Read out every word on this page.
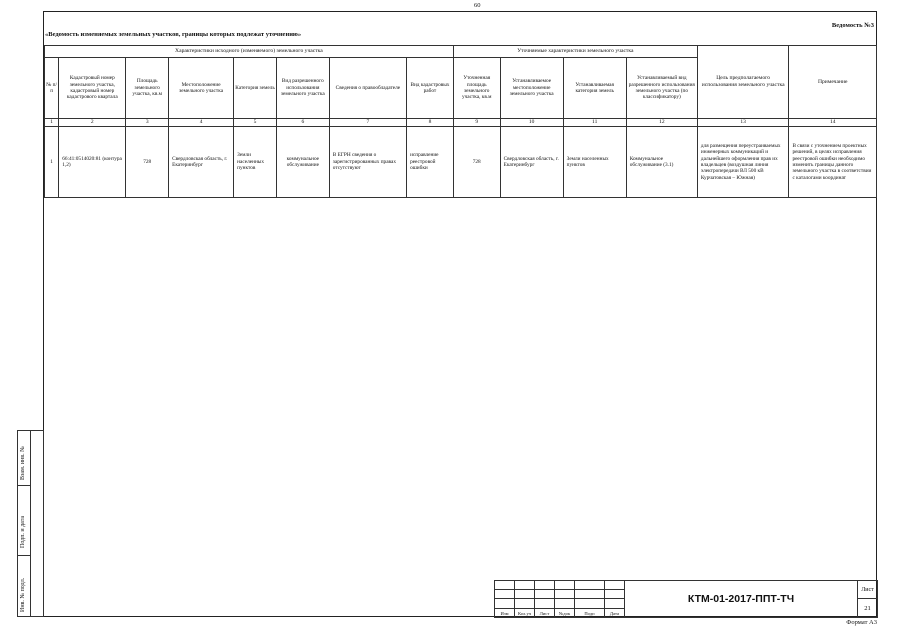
60
Ведомость №3
«Ведомость изменяемых земельных участков, границы которых подлежат уточнению»
Характеристики исходного (изменяемого) земельного участка								Уточняемые характеристики земельного участка				Цель предполагаемого использования земельного участка	Примечание
№ п/п	Кадастровый номер земельного участка, кадастровый номер кадастрового квартала	Площадь земельного участка, кв.м	Местоположение земельного участка	Категория земель	Вид разрешенного использования земельного участка	Сведения о правообладателе	Вид кадастровых работ	Уточненная площадь земельного участка, кв.м	Устанавливаемое местоположение земельного участка	Устанавливаемая категория земель	Устанавливаемый вид разрешенного использования земельного участка (по классификатору)		
1	2	3	4	5	6	7	8	9	10	11	12	13	14
1	66:41:0514020:81 (контура 1,2)	728	Свердловская область, г. Екатеринбург	Земли населенных пунктов	коммунальное обслуживание	В ЕГРН сведения о зарегистрированных правах отсутствуют	исправление реестровой ошибки	728	Свердловская область, г. Екатеринбург	Земли населенных пунктов	Коммунальное обслуживание (3.1)	для размещения переустраиваемых инженерных коммуникаций и дальнейшего оформления прав их владельцев (воздушная линия электропередачи ВЛ 500 кВ Курчатовская – Южная)	В связи с уточнением проектных решений, в целях исправления реестровой ошибки необходимо изменить границы данного земельного участка в соответствии с каталогами координат
Взам. инв. №
Подп. и дата
Инв. № подл.
							КТМ-01-2017-ППТ-ТЧ	Лист

							21
Изм	Кол.уч	Лист	№док	Подп	Дата		
Формат А3
